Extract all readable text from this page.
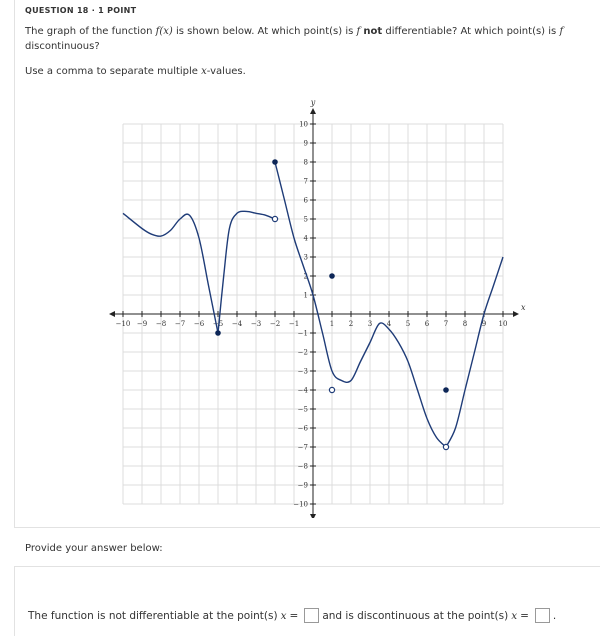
QUESTION 18 · 1 POINT
The graph of the function f(x) is shown below. At which point(s) is f not differentiable? At which point(s) is f discontinuous?
Use a comma to separate multiple x-values.
−10 −9 −8 −7 −6 −5 −4 −3 −2 −1	1 2 3 4 5 6 7 8 9 10
10
9
8
7
6
5
4
3
2
1
−1
−2
−3
−4
−5
−6
−7
−8
−9
−10
x
y
Provide your answer below:
The function is not differentiable at the point(s) x = and is discontinuous at the point(s) x = .
